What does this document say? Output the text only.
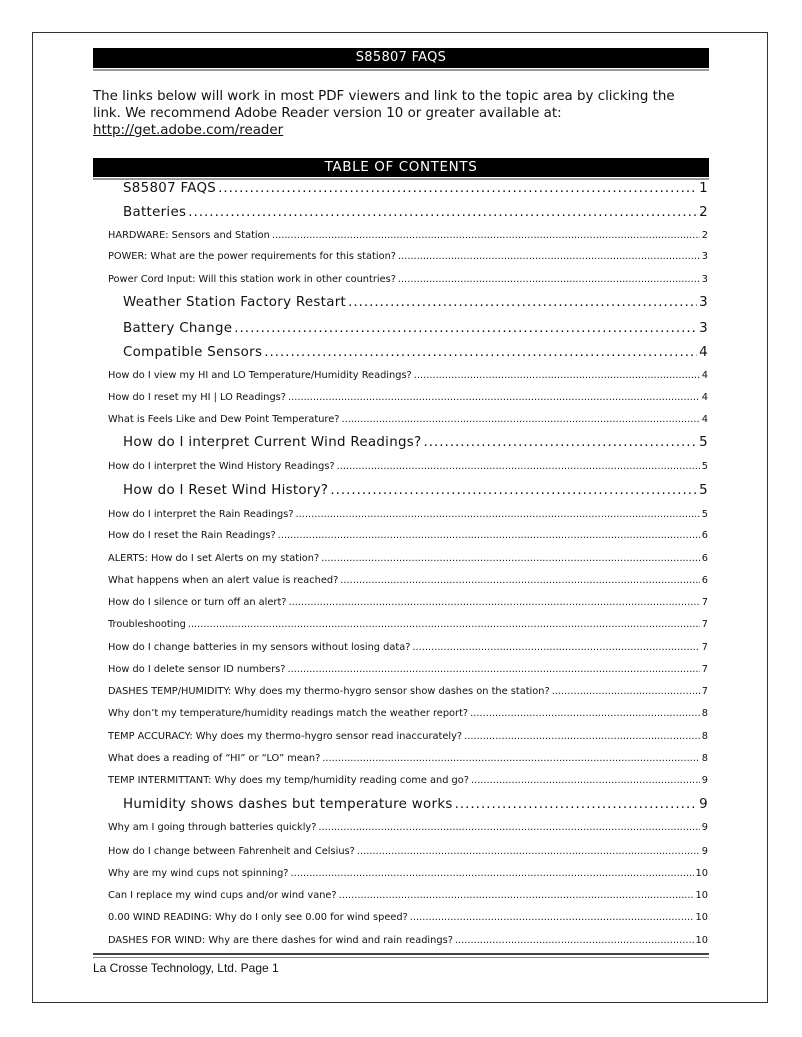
S85807 FAQS
The links below will work in most PDF viewers and link to the topic area by clicking the link. We recommend Adobe Reader version 10 or greater available at:
http://get.adobe.com/reader
TABLE OF CONTENTS
S85807 FAQS .....	1
Batteries .....	2
HARDWARE: Sensors and Station .....	2
POWER: What are the power requirements for this station? .....	3
Power Cord Input: Will this station work in other countries? .....	3
Weather Station Factory Restart .....	3
Battery Change .....	3
Compatible Sensors .....	4
How do I view my HI and LO Temperature/Humidity Readings? .....	4
How do I reset my HI | LO Readings? .....	4
What is Feels Like and Dew Point Temperature? .....	4
How do I interpret Current Wind Readings? .....	5
How do I interpret the Wind History Readings? .....	5
How do I Reset Wind History? .....	5
How do I interpret the Rain Readings? .....	5
How do I reset the Rain Readings? .....	6
ALERTS: How do I set Alerts on my station? .....	6
What happens when an alert value is reached? .....	6
How do I silence or turn off an alert? .....	7
Troubleshooting .....	7
How do I change batteries in my sensors without losing data? .....	7
How do I delete sensor ID numbers? .....	7
DASHES TEMP/HUMIDITY: Why does my thermo-hygro sensor show dashes on the station? .....	7
Why don’t my temperature/humidity readings match the weather report? .....	8
TEMP ACCURACY: Why does my thermo-hygro sensor read inaccurately? .....	8
What does a reading of “HI” or “LO” mean? .....	8
TEMP INTERMITTANT: Why does my temp/humidity reading come and go? .....	9
Humidity shows dashes but temperature works .....	9
Why am I going through batteries quickly? .....	9
How do I change between Fahrenheit and Celsius? .....	9
Why are my wind cups not spinning? .....	10
Can I replace my wind cups and/or wind vane? .....	10
0.00 WIND READING: Why do I only see 0.00 for wind speed? .....	10
DASHES FOR WIND: Why are there dashes for wind and rain readings? .....	10
La Crosse Technology, Ltd. Page 1
